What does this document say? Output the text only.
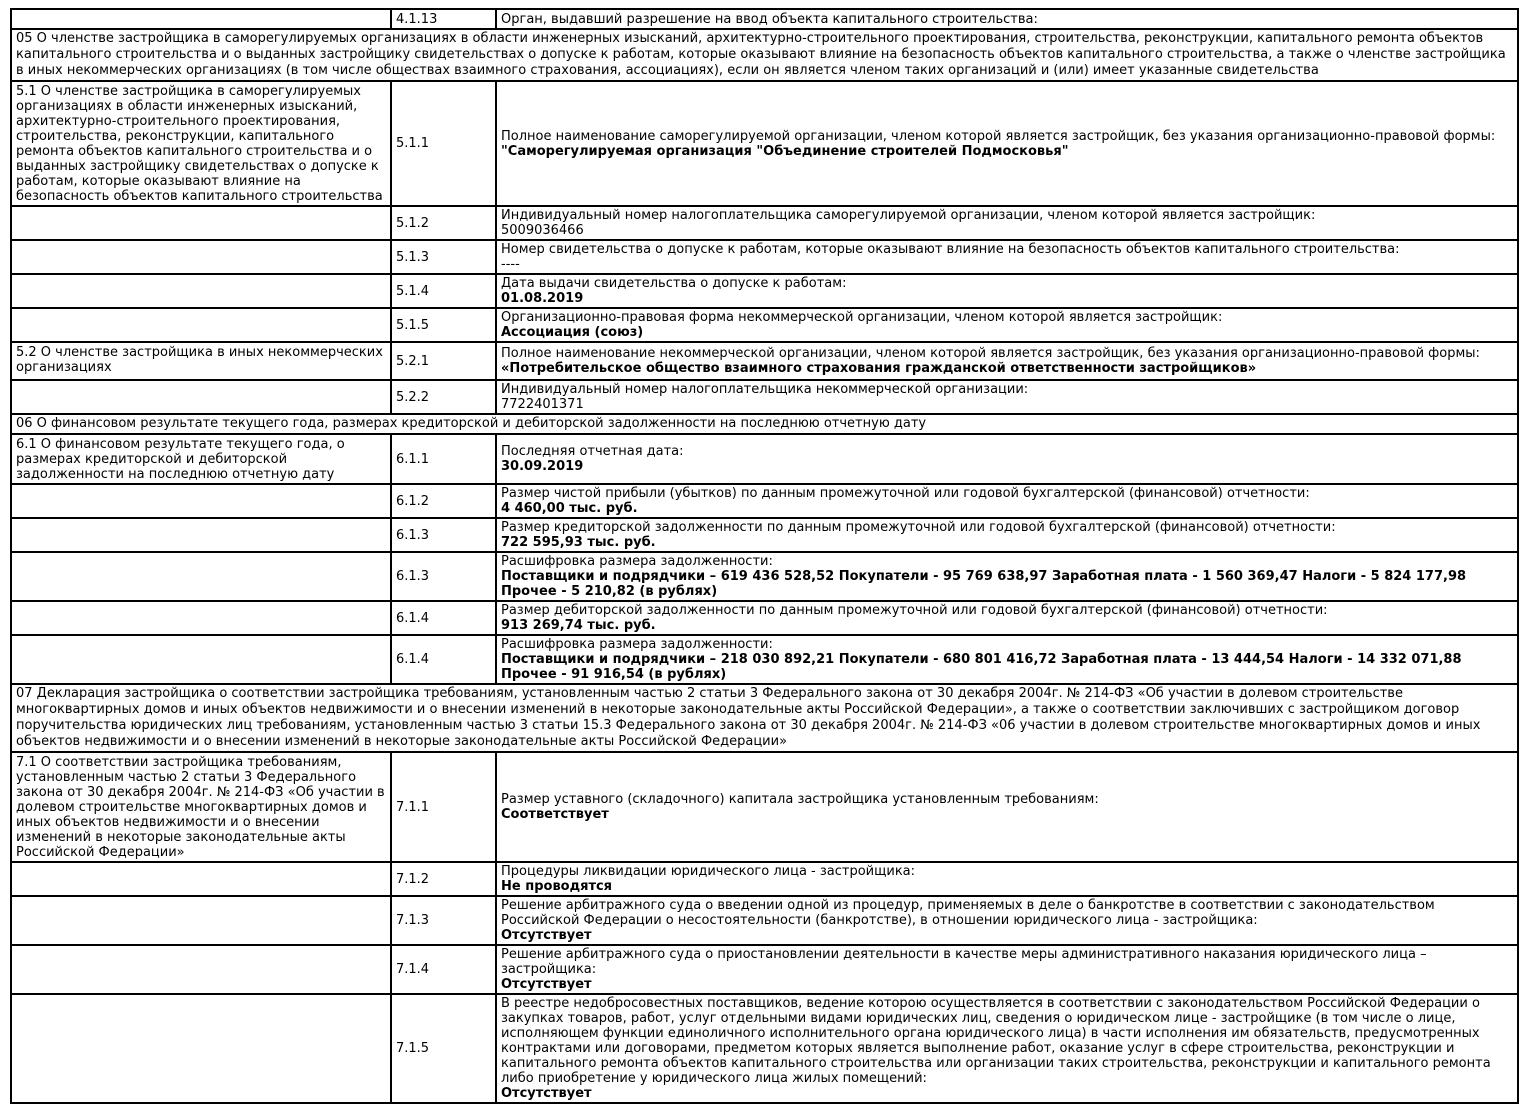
	4.1.13	Орган, выдавший разрешение на ввод объекта капитального строительства:

05 О членстве застройщика в саморегулируемых организациях в области инженерных изысканий, архитектурно-строительного проектирования, строительства, реконструкции, капитального ремонта объектов капитального строительства и о выданных застройщику свидетельствах о допуске к работам, которые оказывают влияние на безопасность объектов капитального строительства, а также о членстве застройщика в иных некоммерческих организациях (в том числе обществах взаимного страхования, ассоциациях), если он является членом таких организаций и (или) имеет указанные свидетельства		
5.1 О членстве застройщика в саморегулируемых организациях в области инженерных изысканий, архитектурно-строительного проектирования, строительства, реконструкции, капитального ремонта объектов капитального строительства и о выданных застройщику свидетельствах о допуске к работам, которые оказывают влияние на безопасность объектов капитального строительства	5.1.1	Полное наименование саморегулируемой организации, членом которой является застройщик, без указания организационно-правовой формы:
"Саморегулируемая организация "Объединение строителей Подмосковья"

	5.1.2	Индивидуальный номер налогоплательщика саморегулируемой организации, членом которой является застройщик:
5009036466

	5.1.3	Номер свидетельства о допуске к работам, которые оказывают влияние на безопасность объектов капитального строительства:
----

	5.1.4	Дата выдачи свидетельства о допуске к работам:
01.08.2019

	5.1.5	Организационно-правовая форма некоммерческой организации, членом которой является застройщик:
Ассоциация (союз)

5.2 О членстве застройщика в иных некоммерческих организациях	5.2.1	Полное наименование некоммерческой организации, членом которой является застройщик, без указания организационно-правовой формы:
«Потребительское общество взаимного страхования гражданской ответственности застройщиков»

	5.2.2	Индивидуальный номер налогоплательщика некоммерческой организации:
7722401371

06 О финансовом результате текущего года, размерах кредиторской и дебиторской задолженности на последнюю отчетную дату		
6.1 О финансовом результате текущего года, о размерах кредиторской и дебиторской задолженности на последнюю отчетную дату	6.1.1	Последняя отчетная дата:
30.09.2019

	6.1.2	Размер чистой прибыли (убытков) по данным промежуточной или годовой бухгалтерской (финансовой) отчетности:
4 460,00 тыс. руб.

	6.1.3	Размер кредиторской задолженности по данным промежуточной или годовой бухгалтерской (финансовой) отчетности:
722 595,93 тыс. руб.

	6.1.3	Расшифровка размера задолженности:
Поставщики и подрядчики – 619 436 528,52 Покупатели - 95 769 638,97 Заработная плата - 1 560 369,47 Налоги - 5 824 177,98 Прочее - 5 210,82 (в рублях)

	6.1.4	Размер дебиторской задолженности по данным промежуточной или годовой бухгалтерской (финансовой) отчетности:
913 269,74 тыс. руб.

	6.1.4	Расшифровка размера задолженности:
Поставщики и подрядчики – 218 030 892,21 Покупатели - 680 801 416,72 Заработная плата - 13 444,54 Налоги - 14 332 071,88 Прочее - 91 916,54 (в рублях)

07 Декларация застройщика о соответствии застройщика требованиям, установленным частью 2 статьи 3 Федерального закона от 30 декабря 2004г. № 214-ФЗ «Об участии в долевом строительстве многоквартирных домов и иных объектов недвижимости и о внесении изменений в некоторые законодательные акты Российской Федерации», а также о соответствии заключивших с застройщиком договор поручительства юридических лиц требованиям, установленным частью 3 статьи 15.3 Федерального закона от 30 декабря 2004г. № 214-ФЗ «06 участии в долевом строительстве многоквартирных домов и иных объектов недвижимости и о внесении изменений в некоторые законодательные акты Российской Федерации»		
7.1 О соответствии застройщика требованиям, установленным частью 2 статьи 3 Федерального закона от 30 декабря 2004г. № 214-ФЗ «Об участии в долевом строительстве многоквартирных домов и иных объектов недвижимости и о внесении изменений в некоторые законодательные акты Российской Федерации»	7.1.1	Размер уставного (складочного) капитала застройщика установленным требованиям:
Соответствует

	7.1.2	Процедуры ликвидации юридического лица - застройщика:
Не проводятся

	7.1.3	Решение арбитражного суда о введении одной из процедур, применяемых в деле о банкротстве в соответствии с законодательством Российской Федерации о несостоятельности (банкротстве), в отношении юридического лица - застройщика:
Отсутствует

	7.1.4	Решение арбитражного суда о приостановлении деятельности в качестве меры административного наказания юридического лица – застройщика:
Отсутствует

	7.1.5	В реестре недобросовестных поставщиков, ведение которою осуществляется в соответствии с законодательством Российской Федерации о закупках товаров, работ, услуг отдельными видами юридических лиц, сведения о юридическом лице - застройщике (в том числе о лице, исполняющем функции единоличного исполнительного органа юридического лица) в части исполнения им обязательств, предусмотренных контрактами или договорами, предметом которых является выполнение работ, оказание услуг в сфере строительства, реконструкции и капитального ремонта объектов капитального строительства или организации таких строительства, реконструкции и капитального ремонта либо приобретение у юридического лица жилых помещений:
Отсутствует
